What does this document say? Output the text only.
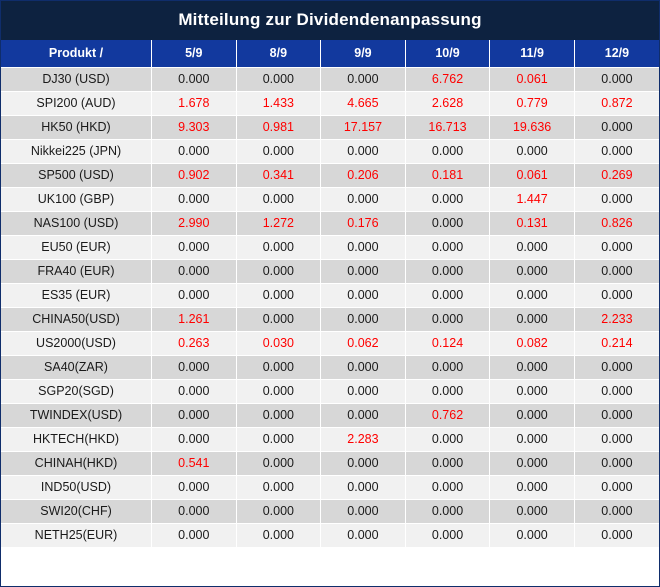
Mitteilung zur Dividendenanpassung
Produkt /	5/9	8/9	9/9	10/9	11/9	12/9
DJ30 (USD)	0.000	0.000	0.000	6.762	0.061	0.000
SPI200 (AUD)	1.678	1.433	4.665	2.628	0.779	0.872
HK50 (HKD)	9.303	0.981	17.157	16.713	19.636	0.000
Nikkei225 (JPN)	0.000	0.000	0.000	0.000	0.000	0.000
SP500 (USD)	0.902	0.341	0.206	0.181	0.061	0.269
UK100 (GBP)	0.000	0.000	0.000	0.000	1.447	0.000
NAS100 (USD)	2.990	1.272	0.176	0.000	0.131	0.826
EU50 (EUR)	0.000	0.000	0.000	0.000	0.000	0.000
FRA40 (EUR)	0.000	0.000	0.000	0.000	0.000	0.000
ES35 (EUR)	0.000	0.000	0.000	0.000	0.000	0.000
CHINA50(USD)	1.261	0.000	0.000	0.000	0.000	2.233
US2000(USD)	0.263	0.030	0.062	0.124	0.082	0.214
SA40(ZAR)	0.000	0.000	0.000	0.000	0.000	0.000
SGP20(SGD)	0.000	0.000	0.000	0.000	0.000	0.000
TWINDEX(USD)	0.000	0.000	0.000	0.762	0.000	0.000
HKTECH(HKD)	0.000	0.000	2.283	0.000	0.000	0.000
CHINAH(HKD)	0.541	0.000	0.000	0.000	0.000	0.000
IND50(USD)	0.000	0.000	0.000	0.000	0.000	0.000
SWI20(CHF)	0.000	0.000	0.000	0.000	0.000	0.000
NETH25(EUR)	0.000	0.000	0.000	0.000	0.000	0.000
